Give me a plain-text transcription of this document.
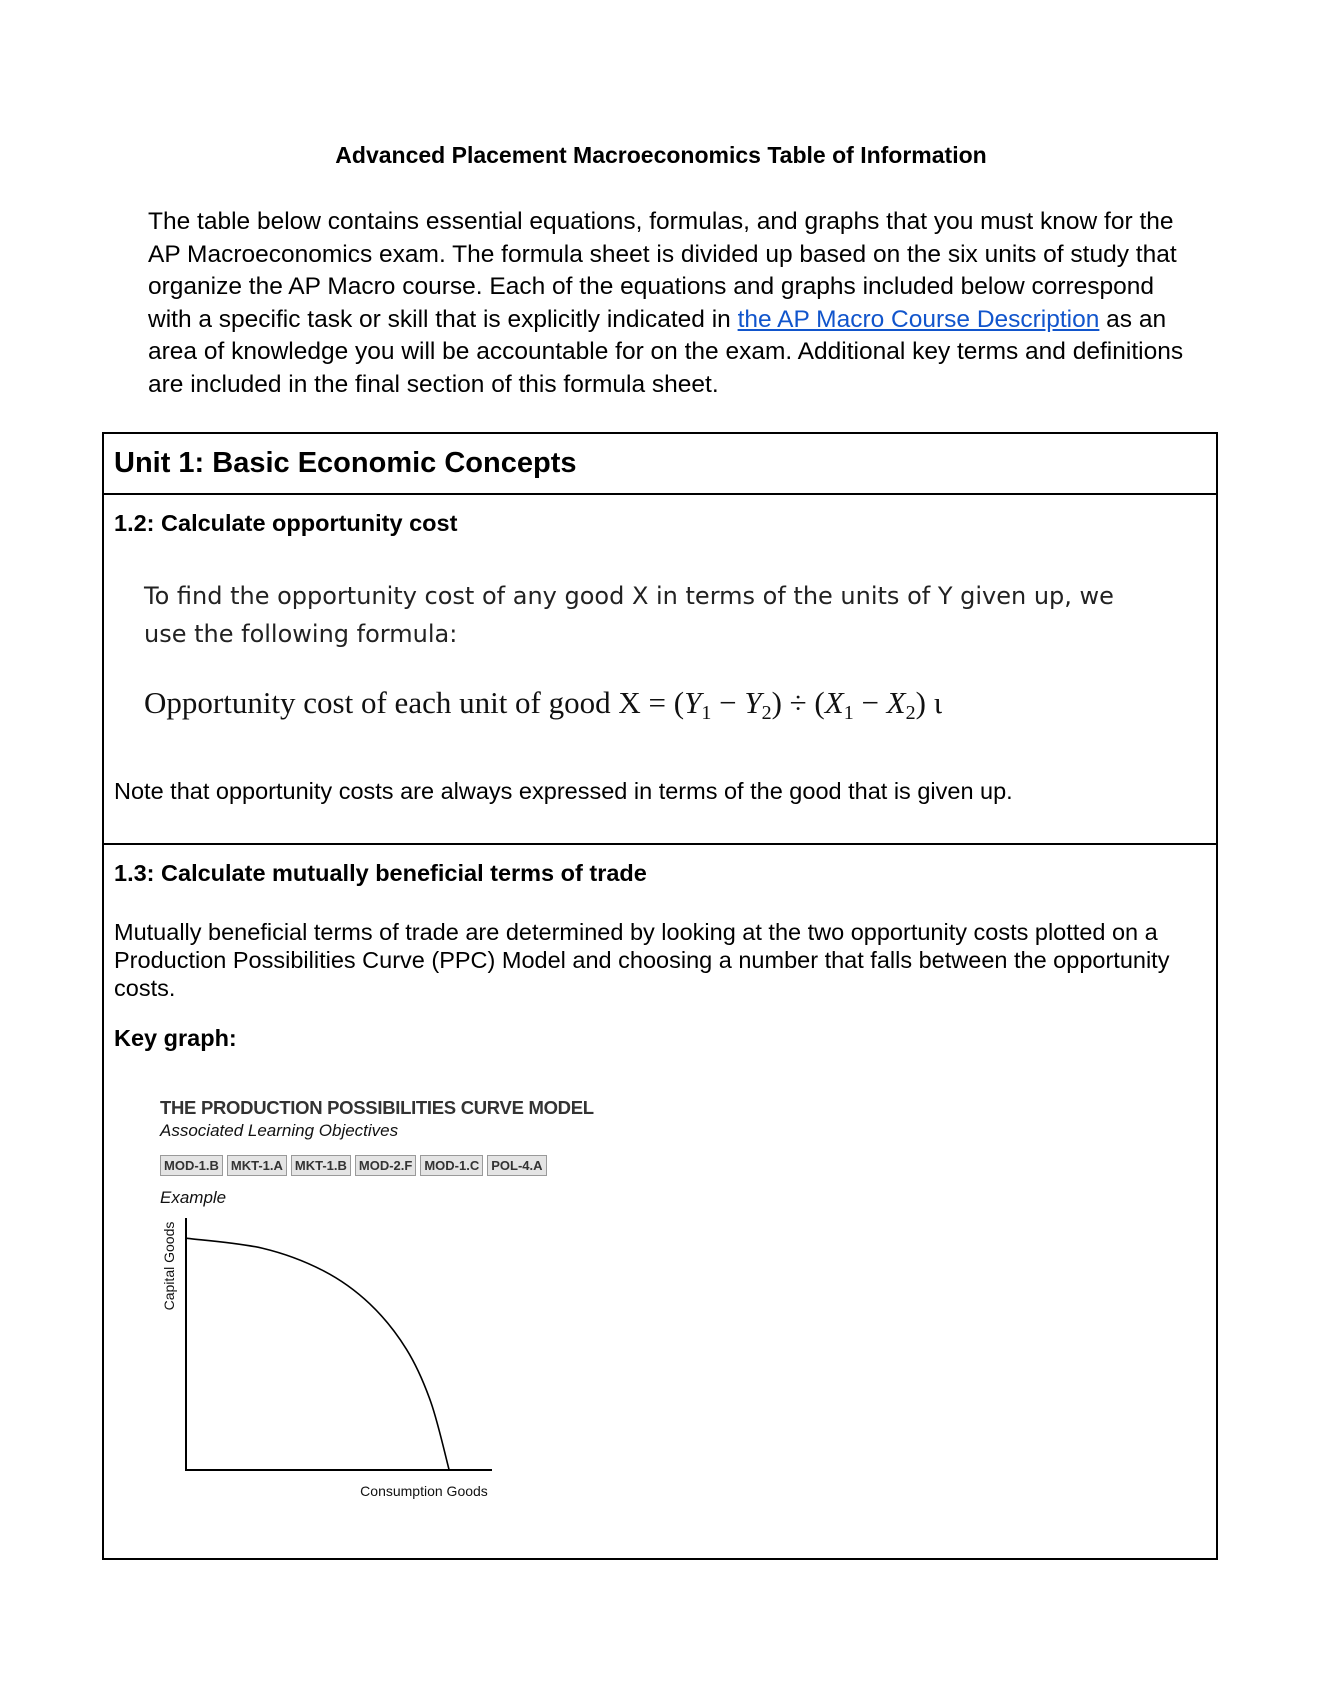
Advanced Placement Macroeconomics Table of Information
The table below contains essential equations, formulas, and graphs that you must know for the AP Macroeconomics exam. The formula sheet is divided up based on the six units of study that organize the AP Macro course. Each of the equations and graphs included below correspond with a specific task or skill that is explicitly indicated in the AP Macro Course Description as an area of knowledge you will be accountable for on the exam. Additional key terms and definitions are included in the final section of this formula sheet.
Unit 1: Basic Economic Concepts
1.2: Calculate opportunity cost
To find the opportunity cost of any good X in terms of the units of Y given up, we use the following formula:
Opportunity cost of each unit of good $X = (Y_1 - Y_2) \div (X_1 - X_2)$ ι
Note that opportunity costs are always expressed in terms of the good that is given up.
1.3: Calculate mutually beneficial terms of trade
Mutually beneficial terms of trade are determined by looking at the two opportunity costs plotted on a Production Possibilities Curve (PPC) Model and choosing a number that falls between the opportunity costs.
Key graph:
THE PRODUCTION POSSIBILITIES CURVE MODEL
Associated Learning Objectives
MOD-1.B MKT-1.A MKT-1.B MOD-2.F MOD-1.C POL-4.A
Example
Capital Goods
Consumption Goods
